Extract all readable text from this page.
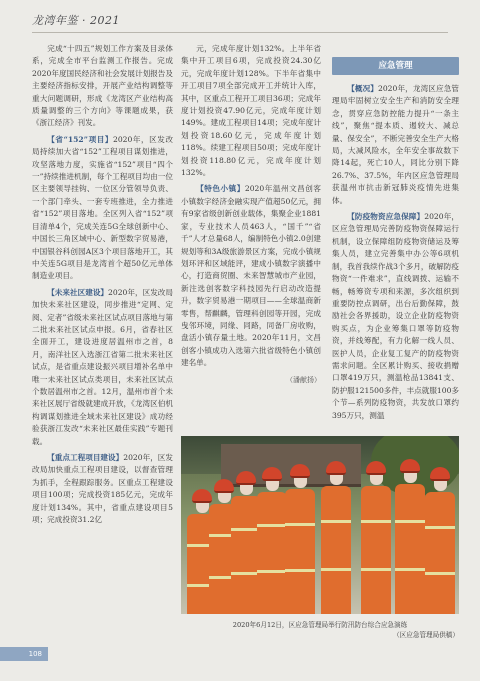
龙湾年鉴 · 2021

完成“十四五”规划工作方案及目录体系，完成全市平台监测工作报告。完成2020年度国民经济和社会发展计划报告及主要经济指标安排，开展产业结构调整等重大问题调研，形成《龙湾区产业结构高质量调整的三个方向》等课题成果，获《浙江经济》刊发。

【省“152”项目】2020年，区发改局持续加大省“152”工程项目谋划推进，攻坚落地力度，实施省“152”项目“四个一”持续推进机制，每个工程项目均由一位区主要领导挂钩、一位区分管领导负责、一个部门牵头、一套专班推进，全力推进省“152”项目落地。全区列入省“152”项目清单4个，完成关连5G全球创新中心、中国长三角区域中心、新型数字贸易港，中国银谷科创园A区3个项目落地开工，其中关连5G项目是龙湾首个超50亿元单体制造业项目。

【未来社区建设】2020年，区发改局加快未来社区建设，同步推进“定网、定阅、定者”省级未来社区试点项目落地与第二批未来社区试点申报。6月，省春社区全面开工，建设进度居温州市之首，8月，南洋社区入选浙江省第二批未来社区试点，是省重点建设振兴项目增补名单中唯一未来社区试点类项目，未来社区试点个数居温州市之首。12月，温州市首个未来社区展厅省级就建成开放，《龙湾区伯机构调谋划推进全域未来社区建设》成功经验获浙江发改“未来社区最佳实践”专题刊载。

【重点工程项目建设】2020年，区发改局加快重点工程项目建设，以督查管理为抓手，全程跟踪服务。区重点工程建设项目100项；完成投资185亿元，完成年度计划134%。其中，省重点建设项目5项；完成投资31.2亿

元，完成年度计划132%。上半年省集中开工项目6项，完成投资24.30亿元，完成年度计划128%。下半年省集中开工项目7项全部完成开工并统计入库，其中，区重点工程开工项目36项；完成年度计划投资47.90亿元，完成年度计划149%。建成工程项目14项；完成年度计划投资18.60亿元，完成年度计划118%。续建工程项目50项；完成年度计划投资118.80亿元，完成年度计划132%。

【特色小镇】2020年温州文昌创客小镇数字经济金融实现产值超50亿元，拥有9家省级创新创业载体，集聚企业1881家，专业技术人员463人，“国千”“省千”人才总量68人，编制特色小镇2.0创建规划等和3A级旅游景区方案，完成小镇规划环评和区域能评，建成小镇数字演播中心，打造商贸圈、未来智慧城市产业园，新注选创客数字科技园先行启动改造提升，数字贸易港一期项目——全球温商新零售，帮麒麟，管理科创园等开园，完成曳邻环境，同缘、同路，同备厂房收购，盘活小镇存量土地。2020年11月，文昌创客小镇成功入选第六批省级特色小镇创建名单。

（潘献扬）
应急管理

【概况】2020年，龙湾区应急管理局牢固树立安全生产和消防安全理念，贯穿应急防控能力提升“一条主线”，聚焦“提本质、遏较大、减总量、保安全”，不断完善安全生产大格局，大减风险水，全年安全事故数下降14起，死亡10人，同比分别下降26.7%、37.5%，年内区应急管理局获温州市抗击新冠肺炎疫情先进集体。

【防疫物资应急保障】2020年，区应急管理局完善防疫物资保障运行机制，设立保障组防疫物资储运及筹集人员，建立完善集中办公等6项机制，我首我续作战3个多月，破解防疫物资“一件难求”，直线调拨、运输不畅，畅筹资专项和来源，多次组织到重要防控点调研，出台后勤保障，鼓励社会各界援助，设立企业防疫物资购买点，为企业筹集口罩等防疫物资，并线筹配，有力化解一线人员、医护人员，企业复工复产的防疫物资需求问题。全区累计购买、接收捐赠口罩419万只，测温枪品13841支、防护服121500多件，丰点就服100多个节—系列防疫物资，共发放口罩约395万只，测温

2020年6月12日，区应急管理局举行防汛防台综合应急演练
（区应急管理局供稿）
108
